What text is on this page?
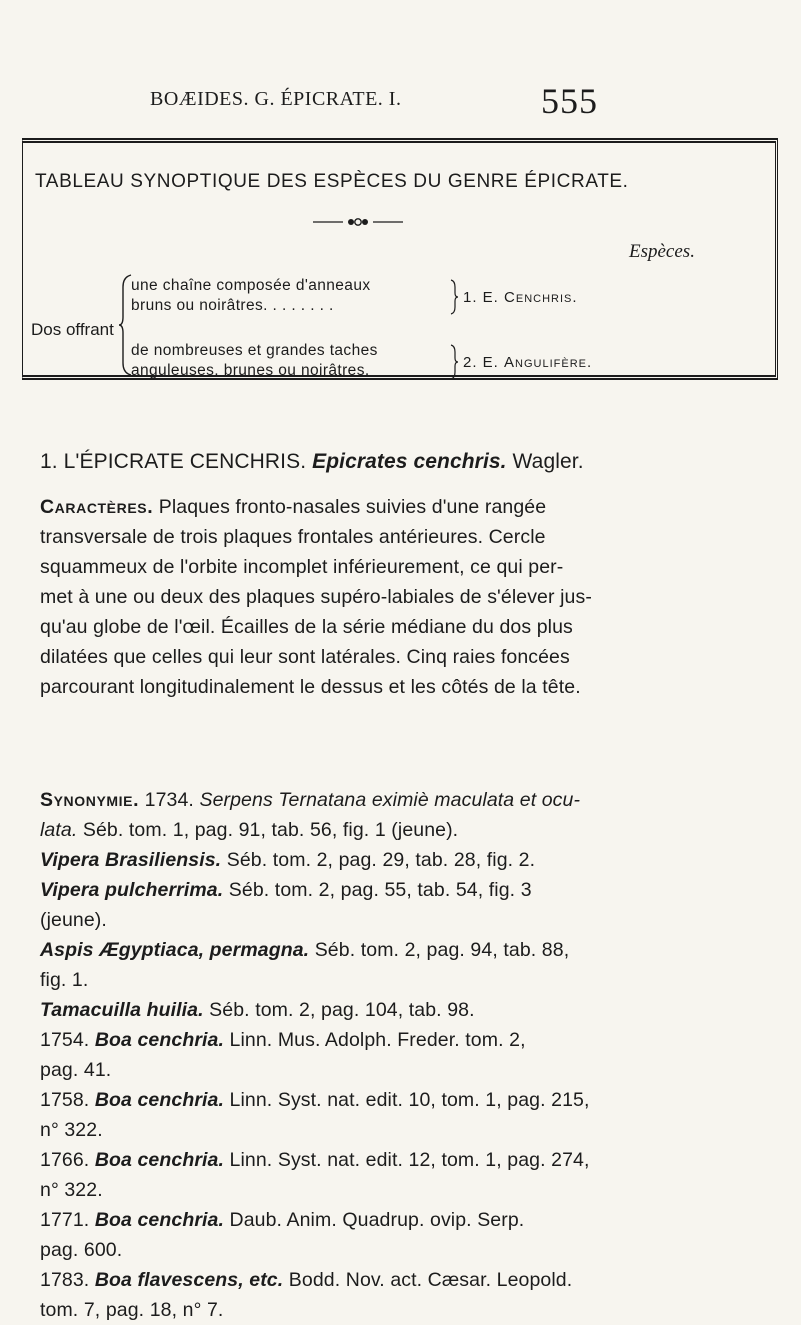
BOÆIDES. G. ÉPICRATE. I.	555
TABLEAU SYNOPTIQUE DES ESPÈCES DU GENRE ÉPICRATE.
Espèces.
Dos offrant
une chaîne composée d'anneaux
bruns ou noirâtres. . . . . . . .	1. E. Cenchris.
de nombreuses et grandes taches
anguleuses, brunes ou noirâtres.	2. E. Angulifère.
1. L'ÉPICRATE CENCHRIS. Epicrates cenchris. Wagler.
Caractères. Plaques fronto-nasales suivies d'une rangée
transversale de trois plaques frontales antérieures. Cercle
squammeux de l'orbite incomplet inférieurement, ce qui per-
met à une ou deux des plaques supéro-labiales de s'élever jus-
qu'au globe de l'œil. Écailles de la série médiane du dos plus
dilatées que celles qui leur sont latérales. Cinq raies foncées
parcourant longitudinalement le dessus et les côtés de la tête.
Synonymie. 1734. Serpens Ternatana eximiè maculata et ocu-
lata. Séb. tom. 1, pag. 91, tab. 56, fig. 1 (jeune).
Vipera Brasiliensis. Séb. tom. 2, pag. 29, tab. 28, fig. 2.
Vipera pulcherrima. Séb. tom. 2, pag. 55, tab. 54, fig. 3
(jeune).
Aspis Ægyptiaca, permagna. Séb. tom. 2, pag. 94, tab. 88,
fig. 1.
Tamacuilla huilia. Séb. tom. 2, pag. 104, tab. 98.
1754. Boa cenchria. Linn. Mus. Adolph. Freder. tom. 2,
pag. 41.
1758. Boa cenchria. Linn. Syst. nat. edit. 10, tom. 1, pag. 215,
n° 322.
1766. Boa cenchria. Linn. Syst. nat. edit. 12, tom. 1, pag. 274,
n° 322.
1771. Boa cenchria. Daub. Anim. Quadrup. ovip. Serp.
pag. 600.
1783. Boa flavescens, etc. Bodd. Nov. act. Cæsar. Leopold.
tom. 7, pag. 18, n° 7.
